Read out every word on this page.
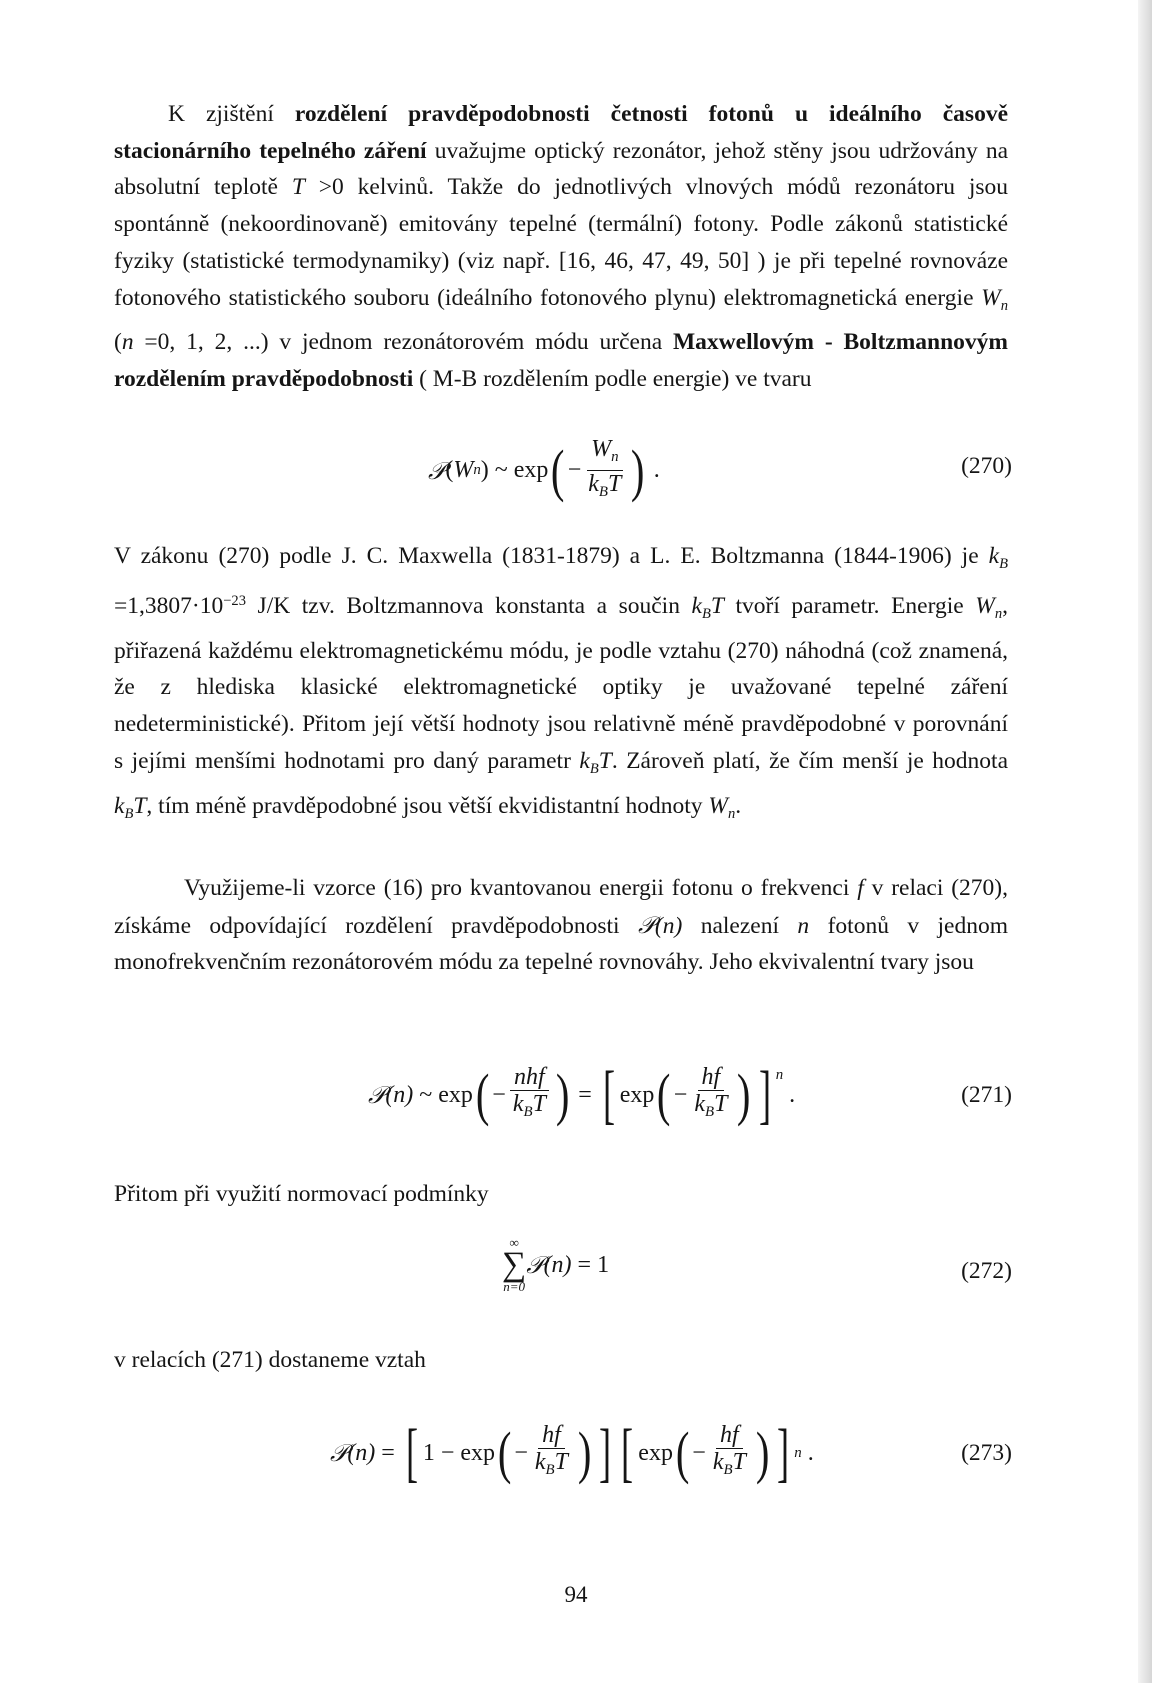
K zjištění rozdělení pravděpodobnosti četnosti fotonů u ideálního časově stacionárního tepelného záření uvažujme optický rezonátor, jehož stěny jsou udržovány na absolutní teplotě T >0 kelvinů. Takže do jednotlivých vlnových módů rezonátoru jsou spontánně (nekoordinovaně) emitovány tepelné (termální) fotony. Podle zákonů statistické fyziky (statistické termodynamiky) (viz např. [16, 46, 47, 49, 50] ) je při tepelné rovnováze fotonového statistického souboru (ideálního fotonového plynu) elektromagnetická energie $W_n$ (n =0, 1, 2, ...) v jednom rezonátorovém módu určena Maxwellovým - Boltzmannovým rozdělením pravděpodobnosti ( M-B rozdělením podle energie) ve tvaru

𝒫 ( W n )
~ exp ( − $\frac{W_n}{k_BT}$ )
.	(270)

V zákonu (270) podle J. C. Maxwella (1831-1879) a L. E. Boltzmanna (1844-1906) je $k_B =1,3807\cdot 10^{-23}$ J/K tzv. Boltzmannova konstanta a součin $k_BT$ tvoří parametr. Energie $W_n$, přiřazená každému elektromagnetickému módu, je podle vztahu (270) náhodná (což znamená, že z hlediska klasické elektromagnetické optiky je uvažované tepelné záření nedeterministické). Přitom její větší hodnoty jsou relativně méně pravděpodobné v porovnání s jejími menšími hodnotami pro daný parametr $k_BT$. Zároveň platí, že čím menší je hodnota $k_BT$, tím méně pravděpodobné jsou větší ekvidistantní hodnoty $W_n$.

Využijeme-li vzorce (16) pro kvantovanou energii fotonu o frekvenci f v relaci (270), získáme odpovídající rozdělení pravděpodobnosti 𝒫(n) nalezení n fotonů v jednom monofrekvenčním rezonátorovém módu za tepelné rovnováhy. Jeho ekvivalentní tvary jsou

𝒫 (n)
~ exp ( − $\frac{\text{nhf}}{k_BT}$ )
=
[ exp ( − $\frac{hf}{k_BT}$ ) ] n

.	(271)

Přitom při využití normovací podmínky

∞
∑
n=0
𝒫 (n)
= 1	(272)

v relacích (271) dostaneme vztah

𝒫 (n)
=
[ 1 − exp ( − $\frac{hf}{k_BT}$ ) ] [ exp ( − $\frac{hf}{k_BT}$ ) ] n
.	(273)
94
